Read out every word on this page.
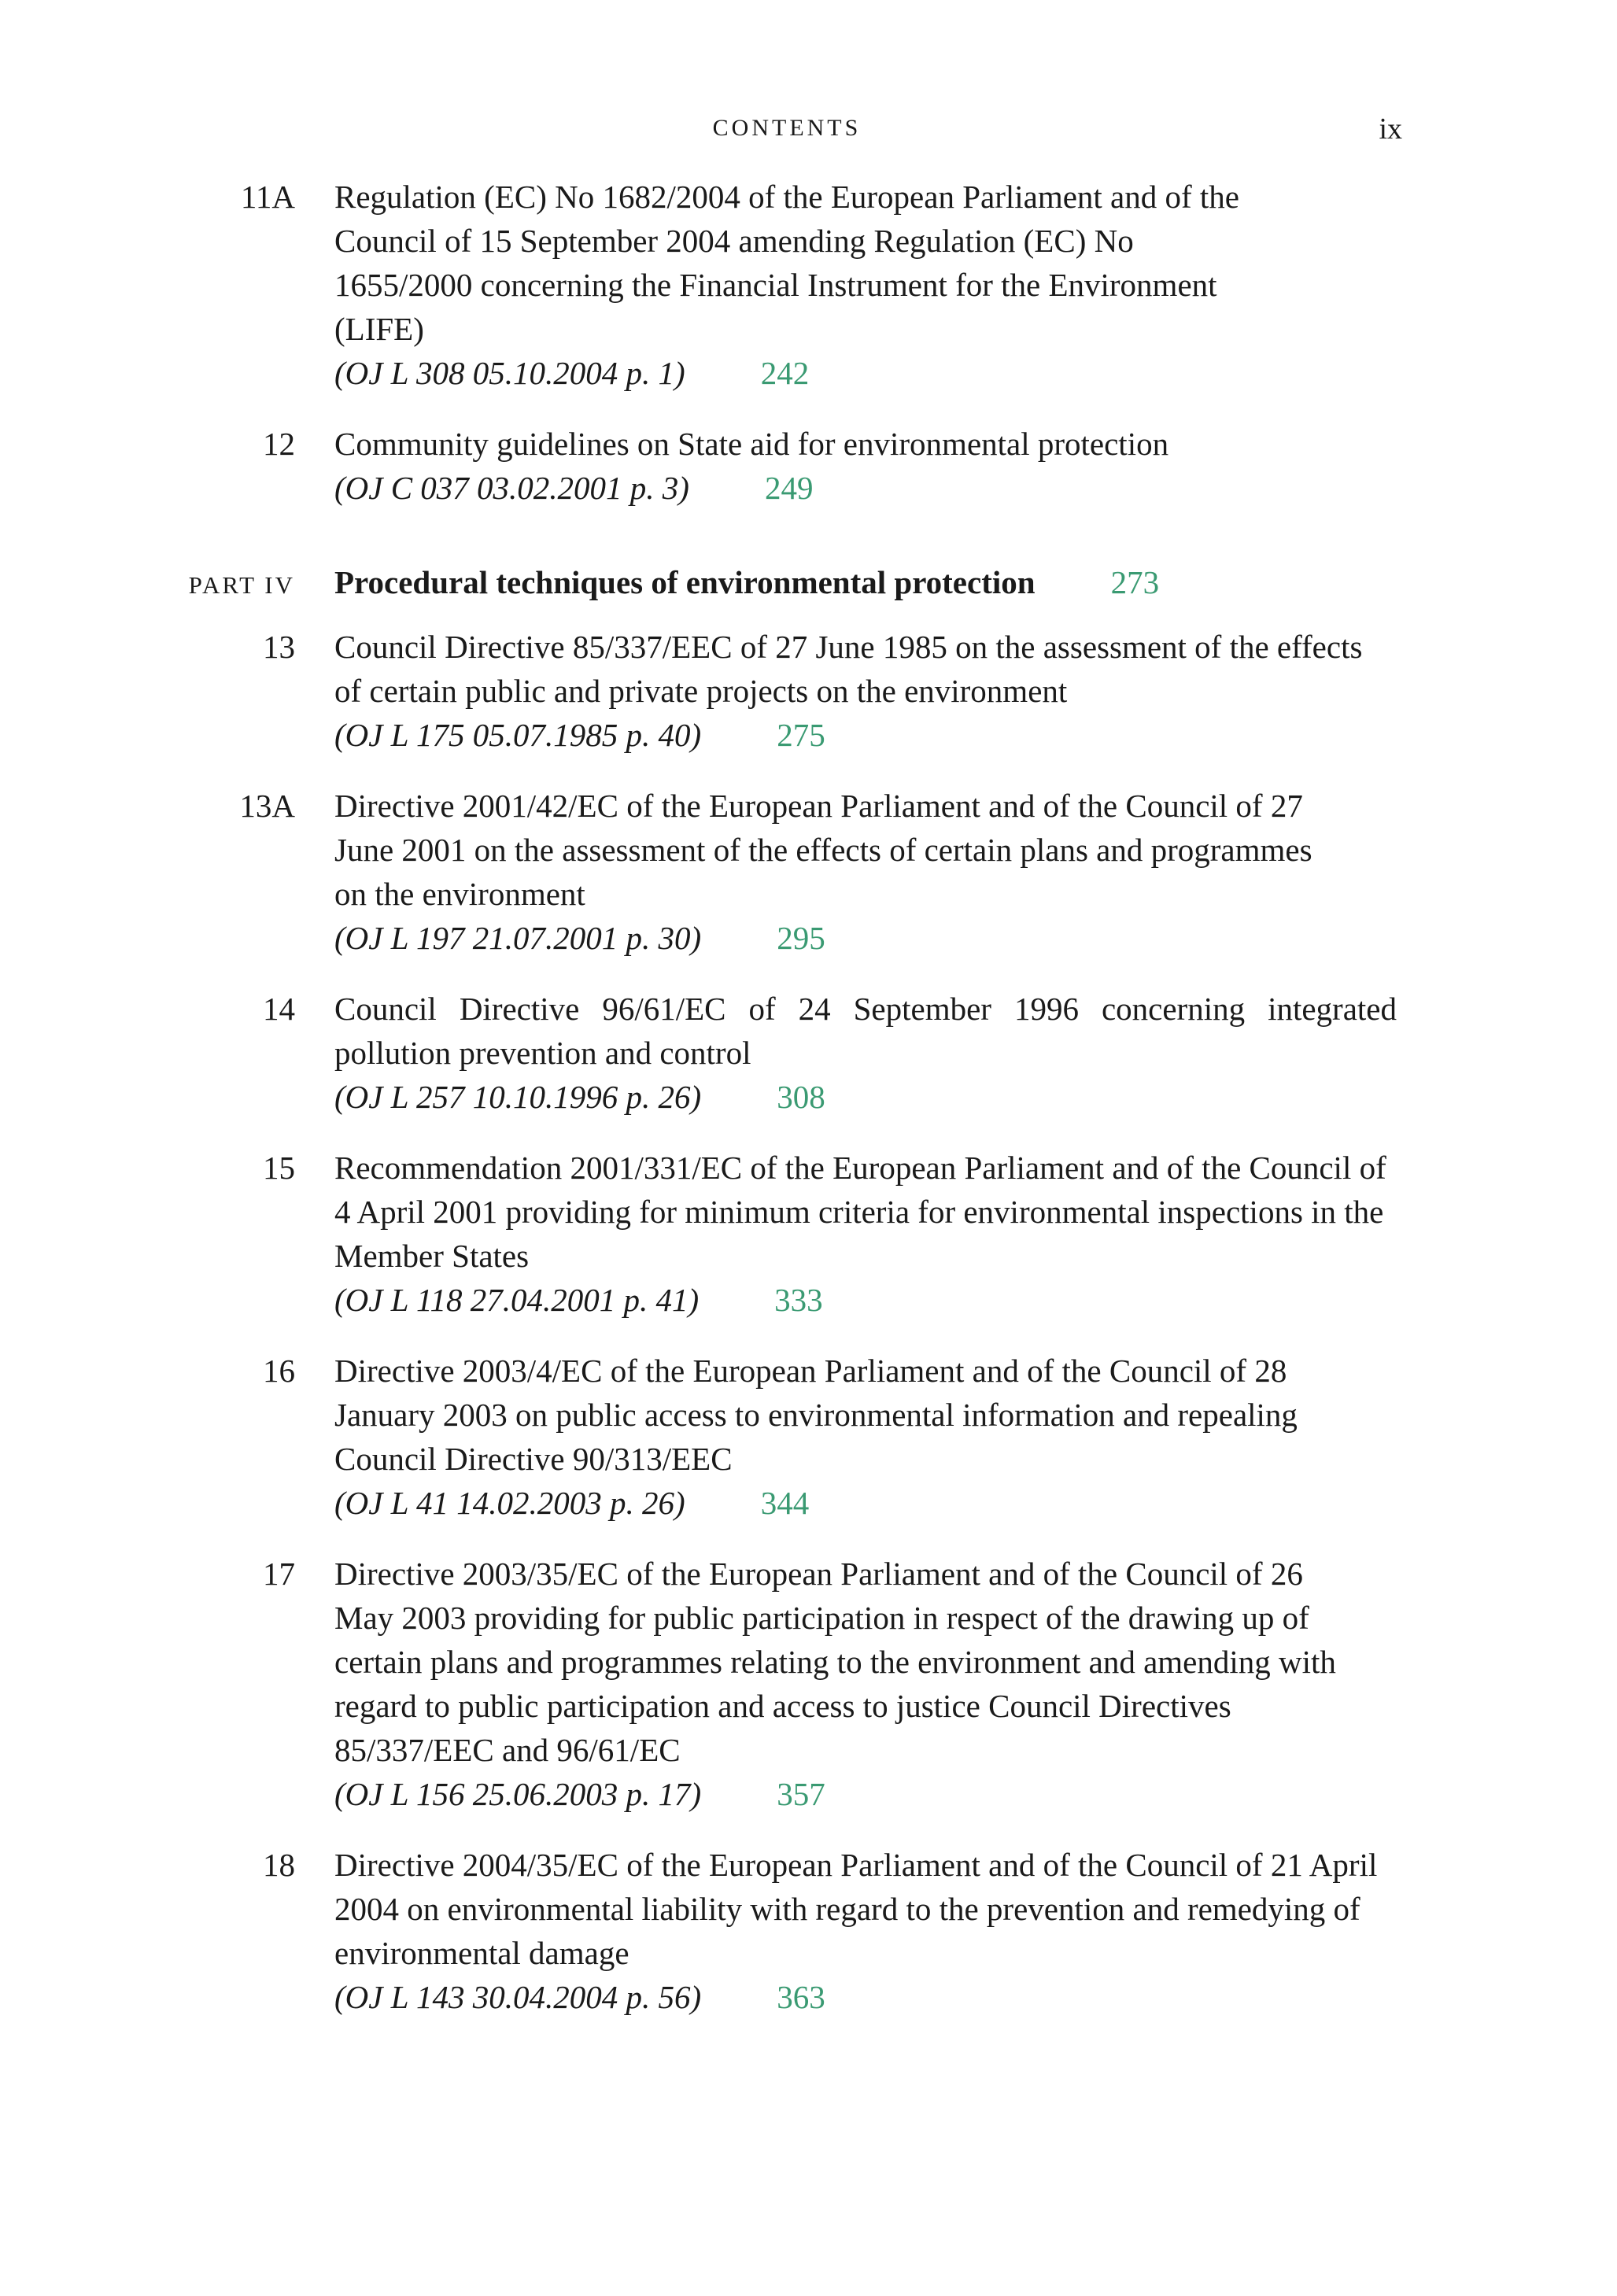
CONTENTS	ix
11A Regulation (EC) No 1682/2004 of the European Parliament and of the Council of 15 September 2004 amending Regulation (EC) No 1655/2000 concerning the Financial Instrument for the Environment (LIFE)
(OJ L 308 05.10.2004 p. 1) 242
12 Community guidelines on State aid for environmental protection
(OJ C 037 03.02.2001 p. 3) 249
PART IV Procedural techniques of environmental protection 273
13 Council Directive 85/337/EEC of 27 June 1985 on the assessment of the effects of certain public and private projects on the environment
(OJ L 175 05.07.1985 p. 40) 275
13A Directive 2001/42/EC of the European Parliament and of the Council of 27 June 2001 on the assessment of the effects of certain plans and programmes on the environment
(OJ L 197 21.07.2001 p. 30) 295
14 Council Directive 96/61/EC of 24 September 1996 concerning integrated pollution prevention and control
(OJ L 257 10.10.1996 p. 26) 308
15 Recommendation 2001/331/EC of the European Parliament and of the Council of 4 April 2001 providing for minimum criteria for environmental inspections in the Member States
(OJ L 118 27.04.2001 p. 41) 333
16 Directive 2003/4/EC of the European Parliament and of the Council of 28 January 2003 on public access to environmental information and repealing Council Directive 90/313/EEC
(OJ L 41 14.02.2003 p. 26) 344
17 Directive 2003/35/EC of the European Parliament and of the Council of 26 May 2003 providing for public participation in respect of the drawing up of certain plans and programmes relating to the environment and amending with regard to public participation and access to justice Council Directives 85/337/EEC and 96/61/EC
(OJ L 156 25.06.2003 p. 17) 357
18 Directive 2004/35/EC of the European Parliament and of the Council of 21 April 2004 on environmental liability with regard to the prevention and remedying of environmental damage
(OJ L 143 30.04.2004 p. 56) 363
